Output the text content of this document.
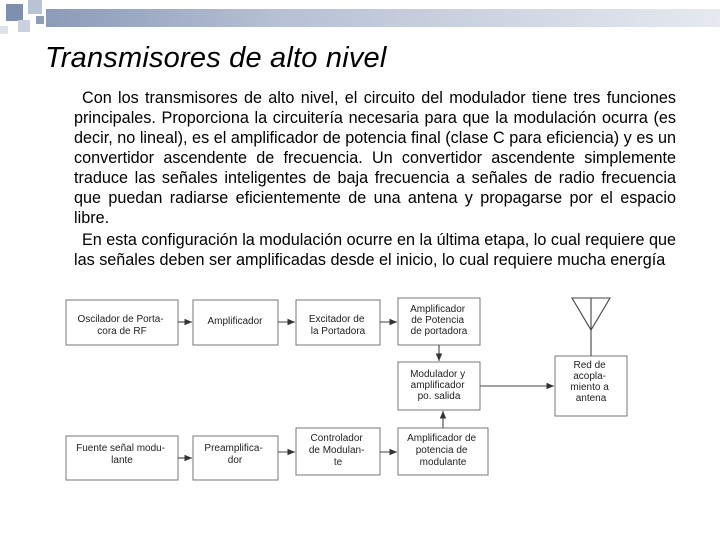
Transmisores de alto nivel

Con los transmisores de alto nivel, el circuito del modulador tiene tres funciones principales. Proporciona la circuitería necesaria para que la modulación ocurra (es decir, no lineal), es el amplificador de potencia final (clase C para eficiencia) y es un convertidor ascendente de frecuencia. Un convertidor ascendente simplemente traduce las señales inteligentes de baja frecuencia a señales de radio frecuencia que puedan radiarse eficientemente de una antena y propagarse por el espacio libre.

En esta configuración la modulación ocurre en la última etapa, lo cual requiere que las señales deben ser amplificadas desde el inicio, lo cual requiere mucha energía

Oscilador de Porta- cora de RF
Amplificador	Excitador de la Portadora
Amplificador de Potencia de portadora
Modulador y amplificador po. salida
Red de acopla- miento a antena
Fuente señal modu- lante
Preamplifica- dor
Controlador de Modulan- te
Amplificador de potencia de modulante
